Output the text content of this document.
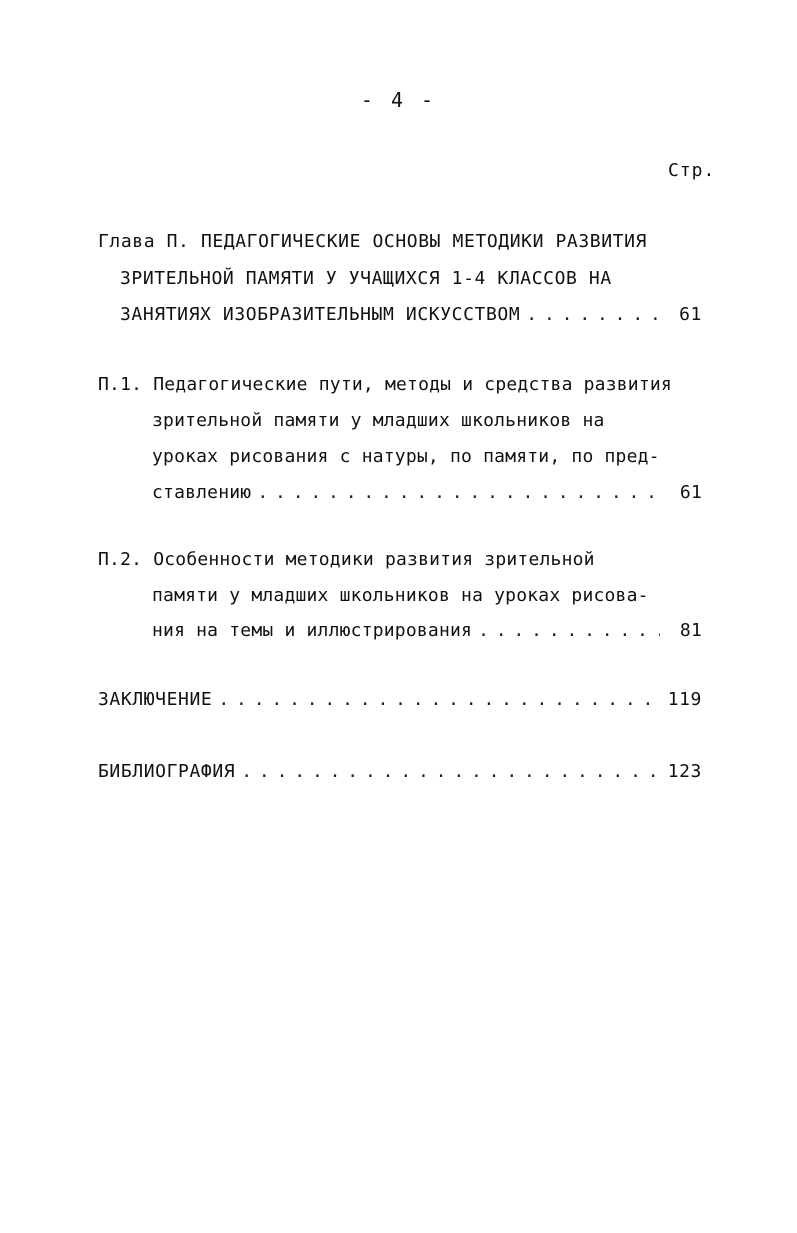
- 4 -
Стр.
Глава П. ПЕДАГОГИЧЕСКИЕ ОСНОВЫ МЕТОДИКИ РАЗВИТИЯ
ЗРИТЕЛЬНОЙ ПАМЯТИ У УЧАЩИХСЯ 1-4 КЛАССОВ НА
ЗАНЯТИЯХ ИЗОБРАЗИТЕЛЬНЫМ ИСКУССТВОМ . . .	61
П.1. Педагогические пути, методы и средства развития
зрительной памяти у младших школьников на
уроках рисования с натуры, по памяти, по пред-
ставлению . . .	61
П.2. Особенности методики развития зрительной
памяти у младших школьников на уроках рисова-
ния на темы и иллюстрирования . . .	81
ЗАКЛЮЧЕНИЕ . . .	119
БИБЛИОГРАФИЯ . . .	123
